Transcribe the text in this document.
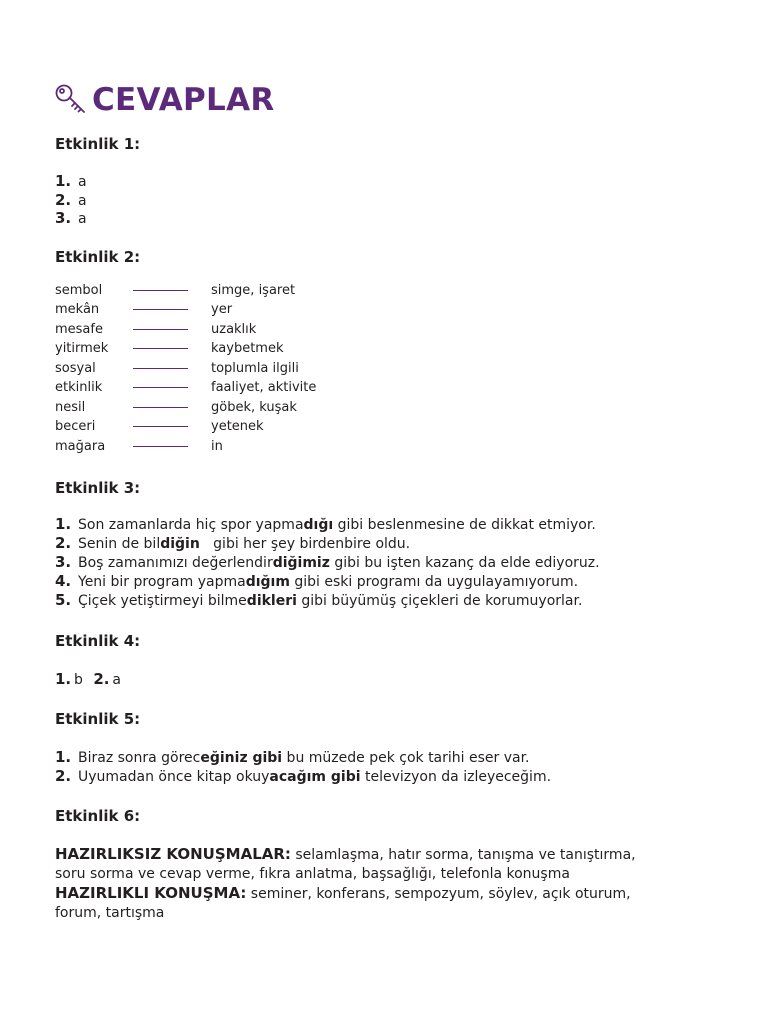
CEVAPLAR
Etkinlik 1:
1. a
2. a
3. a
Etkinlik 2:
sembol	simge, işaret
mekân	yer
mesafe	uzaklık
yitirmek	kaybetmek
sosyal	toplumla ilgili
etkinlik	faaliyet, aktivite
nesil	göbek, kuşak
beceri	yetenek
mağara	in
Etkinlik 3:
1. Son zamanlarda hiç spor yapmadığı gibi beslenmesine de dikkat etmiyor.
2. Senin de bildiğin   gibi her şey birdenbire oldu.
3. Boş zamanımızı değerlendirdiğimiz gibi bu işten kazanç da elde ediyoruz.
4. Yeni bir program yapmadığım gibi eski programı da uygulayamıyorum.
5. Çiçek yetiştirmeyi bilmedikleri gibi büyümüş çiçekleri de korumuyorlar.
Etkinlik 4:
1. b 2. a
Etkinlik 5:
1. Biraz sonra göreceğiniz gibi bu müzede pek çok tarihi eser var.
2. Uyumadan önce kitap okuyacağım gibi televizyon da izleyeceğim.
Etkinlik 6:
HAZIRLIKSIZ KONUŞMALAR: selamlaşma, hatır sorma, tanışma ve tanıştırma, soru sorma ve cevap verme, fıkra anlatma, başsağlığı, telefonla konuşma
HAZIRLIKLI KONUŞMA: seminer, konferans, sempozyum, söylev, açık oturum, forum, tartışma
